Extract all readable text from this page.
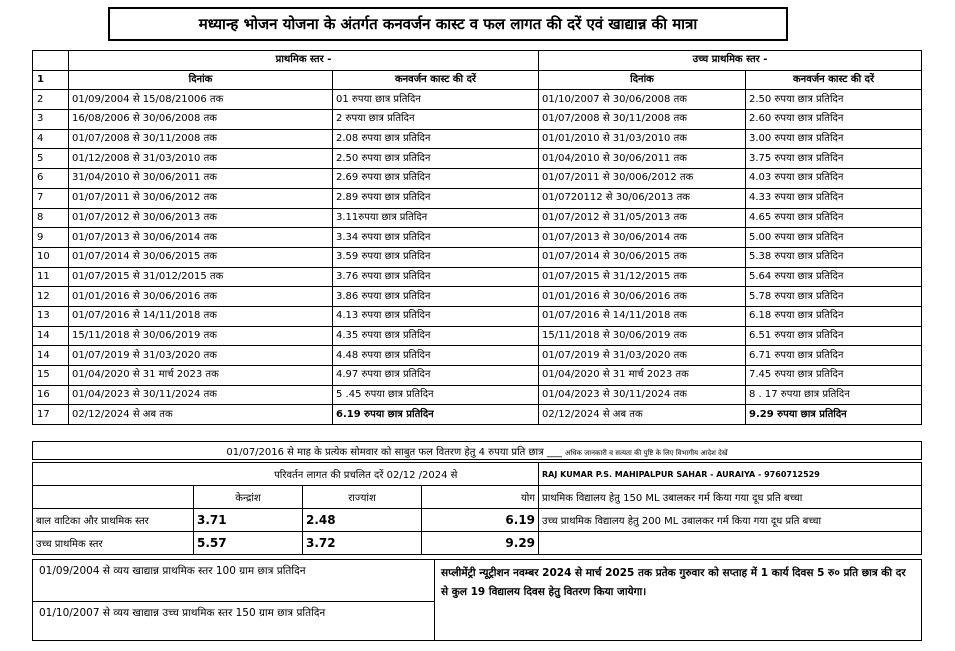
मध्यान्ह भोजन योजना के अंतर्गत कनवर्जन कास्ट व फल लागत की दरें एवं खाद्यान्न की मात्रा
	प्राथमिक स्तर -		उच्च प्राथमिक स्तर -	
1	दिनांक	कनवर्जन कास्ट की दरें	दिनांक	कनवर्जन कास्ट की दरें
2	01/09/2004 से 15/08/21006 तक	01 रुपया छात्र प्रतिदिन	01/10/2007 से 30/06/2008 तक	2.50 रुपया छात्र प्रतिदिन
3	16/08/2006 से 30/06/2008 तक	2 रुपया छात्र प्रतिदिन	01/07/2008 से 30/11/2008 तक	2.60 रुपया छात्र प्रतिदिन
4	01/07/2008 से 30/11/2008 तक	2.08 रुपया छात्र प्रतिदिन	01/01/2010 से 31/03/2010 तक	3.00 रुपया छात्र प्रतिदिन
5	01/12/2008 से 31/03/2010 तक	2.50 रुपया छात्र प्रतिदिन	01/04/2010 से 30/06/2011 तक	3.75 रुपया छात्र प्रतिदिन
6	31/04/2010 से 30/06/2011 तक	2.69 रुपया छात्र प्रतिदिन	01/07/2011 से 30/006/2012 तक	4.03 रुपया छात्र प्रतिदिन
7	01/07/2011 से 30/06/2012 तक	2.89 रुपया छात्र प्रतिदिन	01/0720112 से 30/06/2013 तक	4.33 रुपया छात्र प्रतिदिन
8	01/07/2012 से 30/06/2013 तक	3.11रुपया छात्र प्रतिदिन	01/07/2012 से 31/05/2013 तक	4.65 रुपया छात्र प्रतिदिन
9	01/07/2013 से 30/06/2014 तक	3.34 रुपया छात्र प्रतिदिन	01/07/2013 से 30/06/2014 तक	5.00 रुपया छात्र प्रतिदिन
10	01/07/2014 से 30/06/2015 तक	3.59 रुपया छात्र प्रतिदिन	01/07/2014 से 30/06/2015 तक	5.38 रुपया छात्र प्रतिदिन
11	01/07/2015 से 31/012/2015 तक	3.76 रुपया छात्र प्रतिदिन	01/07/2015 से 31/12/2015 तक	5.64 रुपया छात्र प्रतिदिन
12	01/01/2016 से 30/06/2016 तक	3.86 रुपया छात्र प्रतिदिन	01/01/2016 से 30/06/2016 तक	5.78 रुपया छात्र प्रतिदिन
13	01/07/2016 से 14/11/2018 तक	4.13 रुपया छात्र प्रतिदिन	01/07/2016 से 14/11/2018 तक	6.18 रुपया छात्र प्रतिदिन
14	15/11/2018 से 30/06/2019 तक	4.35 रुपया छात्र प्रतिदिन	15/11/2018 से 30/06/2019 तक	6.51 रुपया छात्र प्रतिदिन
14	01/07/2019 से 31/03/2020 तक	4.48 रुपया छात्र प्रतिदिन	01/07/2019 से 31/03/2020 तक	6.71 रुपया छात्र प्रतिदिन
15	01/04/2020 से 31 मार्च 2023 तक	4.97 रुपया छात्र प्रतिदिन	01/04/2020 से 31 मार्च 2023 तक	7.45 रुपया छात्र प्रतिदिन
16	01/04/2023 से 30/11/2024 तक	5 .45 रुपया छात्र प्रतिदिन	01/04/2023 से 30/11/2024 तक	8 . 17 रुपया छात्र प्रतिदिन
17	02/12/2024 से अब तक	6.19 रुपया छात्र प्रतिदिन	02/12/2024 से अब तक	9.29 रुपया छात्र प्रतिदिन
01/07/2016 से माह के प्रत्येक सोमवार को साबुत फल वितरण हेतु 4 रुपया प्रति छात्र ___ अधिक जानकारी व सत्यता की पुष्टि के लिए विभागीय आदेश देखें
	परिवर्तन लागत की प्रचलित दरें 02/12 /2024 से			RAJ KUMAR P.S. MAHIPALPUR SAHAR - AURAIYA - 9760712529
	केन्द्रांश	राज्यांश	योग	प्राथमिक विद्यालय हेतु 150 ML उबालकर गर्म किया गया दूध प्रति बच्चा
बाल वाटिका और प्राथमिक स्तर	3.71	2.48	6.19	उच्च प्राथमिक विद्यालय हेतु 200 ML उबालकर गर्म किया गया दूध प्रति बच्चा
उच्च प्राथमिक स्तर	5.57	3.72	9.29	
01/09/2004 से व्यय खाद्यान्न प्राथमिक स्तर 100 ग्राम छात्र प्रतिदिन	सप्लीमेंट्री न्यूट्रीशन नवम्बर 2024 से मार्च 2025 तक प्रतेक गुरुवार को सप्ताह में 1 कार्य दिवस 5 रु० प्रति छात्र की दर से कुल 19 विद्यालय दिवस हेतु वितरण किया जायेगा।
01/10/2007 से व्यय खाद्यान्न उच्च प्राथमिक स्तर 150 ग्राम छात्र प्रतिदिन
